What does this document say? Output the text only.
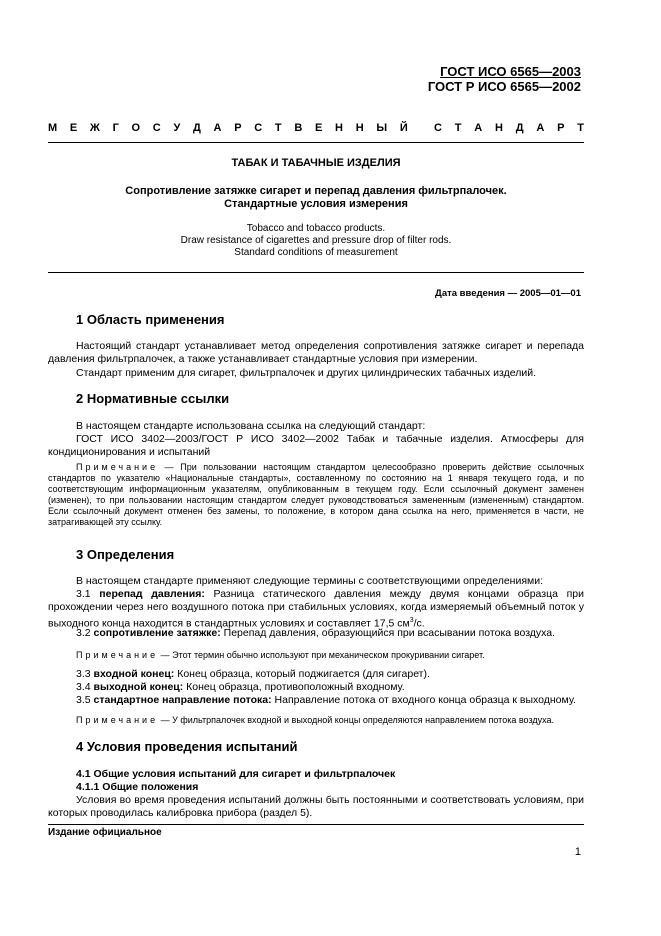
ГОСТ ИСО 6565—2003
ГОСТ Р ИСО 6565—2002
М Е Ж Г О С У Д А Р С Т В Е Н Н Ы Й С Т А Н Д А Р Т
ТАБАК И ТАБАЧНЫЕ ИЗДЕЛИЯ
Сопротивление затяжке сигарет и перепад давления фильтрпалочек.
Стандартные условия измерения
Tobacco and tobacco products.
Draw resistance of cigarettes and pressure drop of filter rods.
Standard conditions of measurement
Дата введения — 2005—01—01
1 Область применения
Настоящий стандарт устанавливает метод определения сопротивления затяжке сигарет и перепада давления фильтрпалочек, а также устанавливает стандартные условия при измерении.
Стандарт применим для сигарет, фильтрпалочек и других цилиндрических табачных изделий.
2 Нормативные ссылки
В настоящем стандарте использована ссылка на следующий стандарт:
ГОСТ ИСО 3402—2003/ГОСТ Р ИСО 3402—2002 Табак и табачные изделия. Атмосферы для кондиционирования и испытаний
Примечание — При пользовании настоящим стандартом целесообразно проверить действие ссылочных стандартов по указателю «Национальные стандарты», составленному по состоянию на 1 января текущего года, и по соответствующим информационным указателям, опубликованным в текущем году. Если ссылочный документ заменен (изменен), то при пользовании настоящим стандартом следует руководствоваться замененным (измененным) стандартом. Если ссылочный документ отменен без замены, то положение, в котором дана ссылка на него, применяется в части, не затрагивающей эту ссылку.
3 Определения
В настоящем стандарте применяют следующие термины с соответствующими определениями:
3.1 перепад давления: Разница статического давления между двумя концами образца при прохождении через него воздушного потока при стабильных условиях, когда измеряемый объемный поток у выходного конца находится в стандартных условиях и составляет 17,5 $см^3/с$.
3.2 сопротивление затяжке: Перепад давления, образующийся при всасывании потока воздуха.
Примечание — Этот термин обычно используют при механическом прокуривании сигарет.
3.3 входной конец: Конец образца, который поджигается (для сигарет).
3.4 выходной конец: Конец образца, противоположный входному.
3.5 стандартное направление потока: Направление потока от входного конца образца к выходному.
Примечание — У фильтрпалочек входной и выходной концы определяются направлением потока воздуха.
4 Условия проведения испытаний
4.1 Общие условия испытаний для сигарет и фильтрпалочек
4.1.1 Общие положения
Условия во время проведения испытаний должны быть постоянными и соответствовать условиям, при которых проводилась калибровка прибора (раздел 5).
Издание официальное
1
